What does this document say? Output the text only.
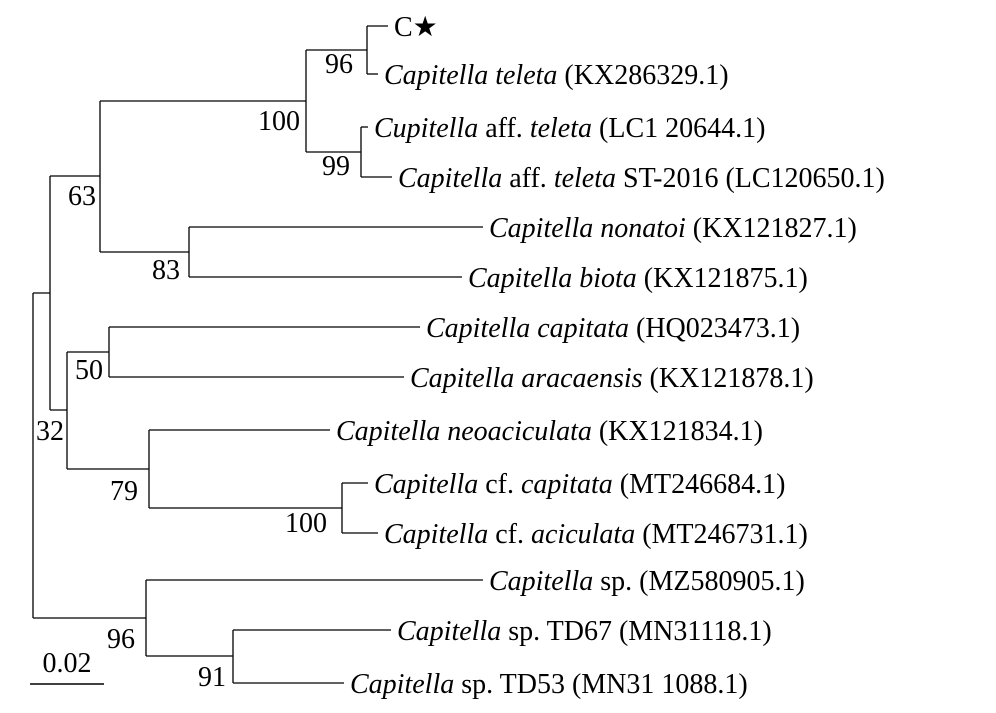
C★
Capitella teleta (KX286329.1)
Cupitella aff. teleta (LC1 20644.1)
Capitella aff. teleta ST-2016 (LC120650.1)
Capitella nonatoi (KX121827.1)
Capitella biota (KX121875.1)
Capitella capitata (HQ023473.1)
Capitella aracaensis (KX121878.1)
Capitella neoaciculata (KX121834.1)
Capitella cf. capitata (MT246684.1)
Capitella cf. aciculata (MT246731.1)
Capitella sp. (MZ580905.1)
Capitella sp. TD67 (MN31118.1)
Capitella sp. TD53 (MN31 1088.1)
96
100
99
63
83
50
32
79
100
96
91
0.02
